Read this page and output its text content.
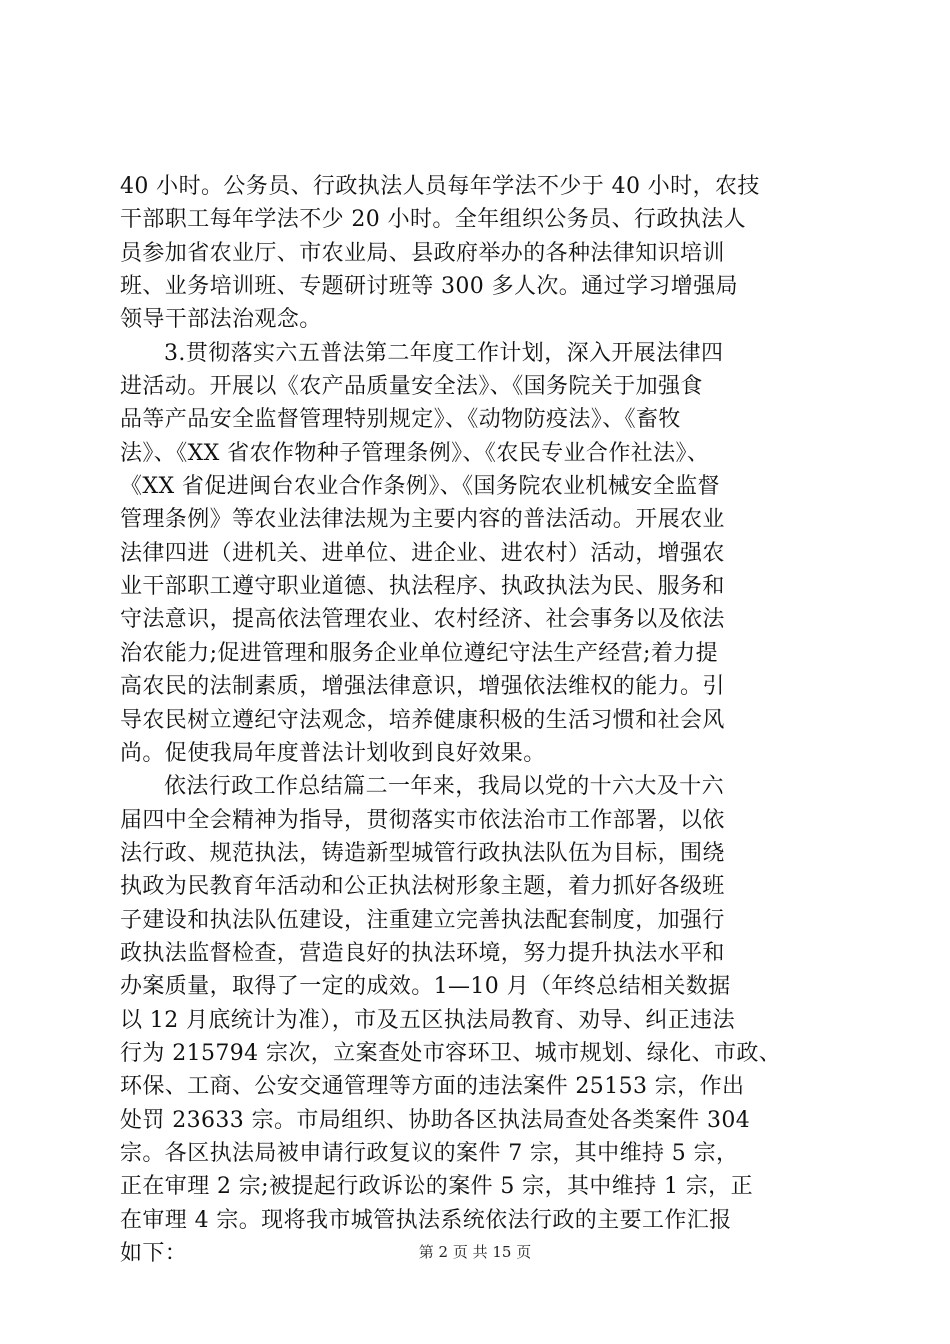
40 小时。公务员、行政执法人员每年学法不少于 40 小时，农技
干部职工每年学法不少 20 小时。全年组织公务员、行政执法人
员参加省农业厅、市农业局、县政府举办的各种法律知识培训
班、业务培训班、专题研讨班等 300 多人次。通过学习增强局
领导干部法治观念。
3.贯彻落实六五普法第二年度工作计划，深入开展法律四
进活动。开展以《农产品质量安全法》、《国务院关于加强食
品等产品安全监督管理特别规定》、《动物防疫法》、《畜牧
法》、《XX 省农作物种子管理条例》、《农民专业合作社法》、
《XX 省促进闽台农业合作条例》、《国务院农业机械安全监督
管理条例》等农业法律法规为主要内容的普法活动。开展农业
法律四进（进机关、进单位、进企业、进农村）活动，增强农
业干部职工遵守职业道德、执法程序、执政执法为民、服务和
守法意识，提高依法管理农业、农村经济、社会事务以及依法
治农能力;促进管理和服务企业单位遵纪守法生产经营;着力提
高农民的法制素质，增强法律意识，增强依法维权的能力。引
导农民树立遵纪守法观念，培养健康积极的生活习惯和社会风
尚。促使我局年度普法计划收到良好效果。
依法行政工作总结篇二一年来，我局以党的十六大及十六
届四中全会精神为指导，贯彻落实市依法治市工作部署，以依
法行政、规范执法，铸造新型城管行政执法队伍为目标，围绕
执政为民教育年活动和公正执法树形象主题，着力抓好各级班
子建设和执法队伍建设，注重建立完善执法配套制度，加强行
政执法监督检查，营造良好的执法环境，努力提升执法水平和
办案质量，取得了一定的成效。1—10 月（年终总结相关数据
以 12 月底统计为准），市及五区执法局教育、劝导、纠正违法
行为 215794 宗次，立案查处市容环卫、城市规划、绿化、市政、
环保、工商、公安交通管理等方面的违法案件 25153 宗，作出
处罚 23633 宗。市局组织、协助各区执法局查处各类案件 304
宗。各区执法局被申请行政复议的案件 7 宗，其中维持 5 宗，
正在审理 2 宗;被提起行政诉讼的案件 5 宗，其中维持 1 宗，正
在审理 4 宗。现将我市城管执法系统依法行政的主要工作汇报
如下：	第 2 页 共 15 页
